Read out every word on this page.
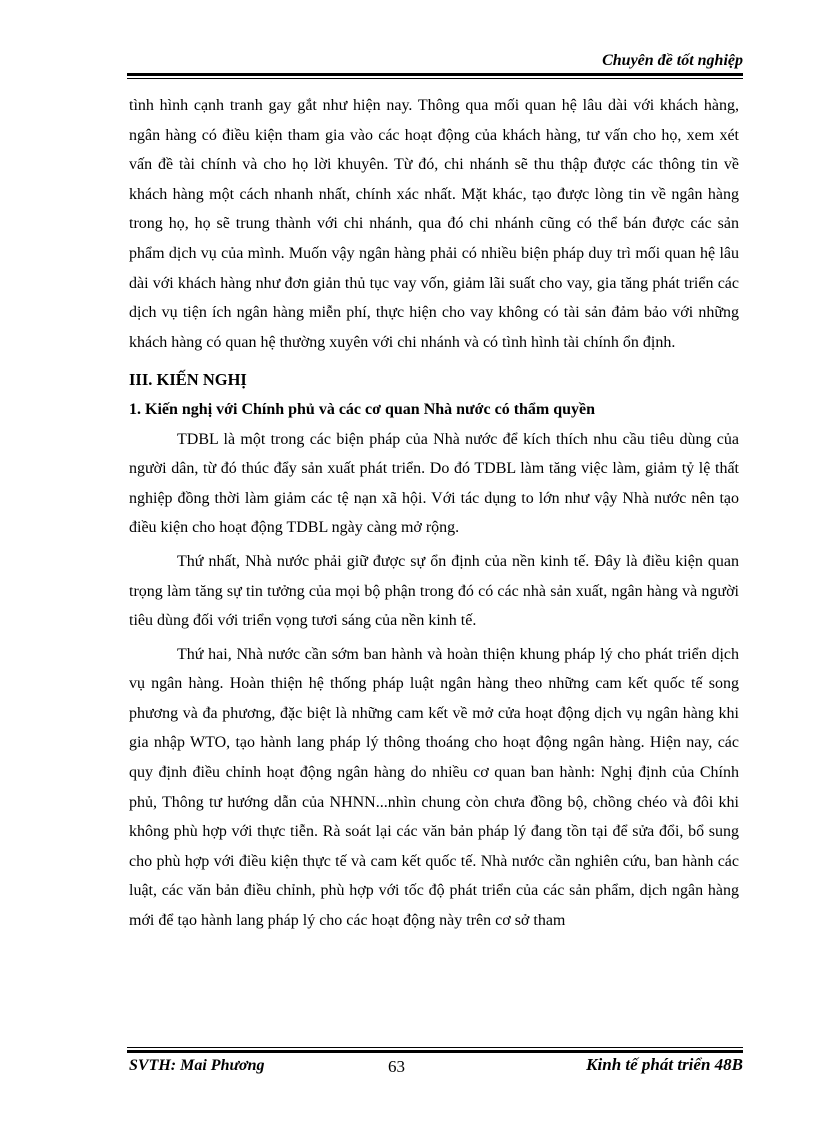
Chuyên đề tốt nghiệp

tình hình cạnh tranh gay gắt như hiện nay. Thông qua mối quan hệ lâu dài với khách hàng, ngân hàng có điều kiện tham gia vào các hoạt động của khách hàng, tư vấn cho họ, xem xét vấn đề tài chính và cho họ lời khuyên. Từ đó, chi nhánh sẽ thu thập được các thông tin về khách hàng một cách nhanh nhất, chính xác nhất. Mặt khác, tạo được lòng tin về ngân hàng trong họ, họ sẽ trung thành với chi nhánh, qua đó chi nhánh cũng có thể bán được các sản phẩm dịch vụ của mình. Muốn vậy ngân hàng phải có nhiều biện pháp duy trì mối quan hệ lâu dài với khách hàng như đơn giản thủ tục vay vốn, giảm lãi suất cho vay, gia tăng phát triển các dịch vụ tiện ích ngân hàng miễn phí, thực hiện cho vay không có tài sản đảm bảo với những khách hàng có quan hệ thường xuyên với chi nhánh và có tình hình tài chính ổn định.

III. KIẾN NGHỊ

1. Kiến nghị với Chính phủ và các cơ quan Nhà nước có thẩm quyền

TDBL là một trong các biện pháp của Nhà nước để kích thích nhu cầu tiêu dùng của người dân, từ đó thúc đẩy sản xuất phát triển. Do đó TDBL làm tăng việc làm, giảm tỷ lệ thất nghiệp đồng thời làm giảm các tệ nạn xã hội. Với tác dụng to lớn như vậy Nhà nước nên tạo điều kiện cho hoạt động TDBL ngày càng mở rộng.

Thứ nhất, Nhà nước phải giữ được sự ổn định của nền kinh tế. Đây là điều kiện quan trọng làm tăng sự tin tưởng của mọi bộ phận trong đó có các nhà sản xuất, ngân hàng và người tiêu dùng đối với triển vọng tươi sáng của nền kinh tế.

Thứ hai, Nhà nước cần sớm ban hành và hoàn thiện khung pháp lý cho phát triển dịch vụ ngân hàng. Hoàn thiện hệ thống pháp luật ngân hàng theo những cam kết quốc tế song phương và đa phương, đặc biệt là những cam kết về mở cửa hoạt động dịch vụ ngân hàng khi gia nhập WTO, tạo hành lang pháp lý thông thoáng cho hoạt động ngân hàng. Hiện nay, các quy định điều chỉnh hoạt động ngân hàng do nhiều cơ quan ban hành: Nghị định của Chính phủ, Thông tư hướng dẫn của NHNN...nhìn chung còn chưa đồng bộ, chồng chéo và đôi khi không phù hợp với thực tiễn. Rà soát lại các văn bản pháp lý đang tồn tại để sửa đổi, bổ sung cho phù hợp với điều kiện thực tế và cam kết quốc tế. Nhà nước cần nghiên cứu, ban hành các luật, các văn bản điều chỉnh, phù hợp với tốc độ phát triển của các sản phẩm, dịch ngân hàng mới để tạo hành lang pháp lý cho các hoạt động này trên cơ sở tham

SVTH: Mai Phương	63	Kinh tế phát triển 48B
